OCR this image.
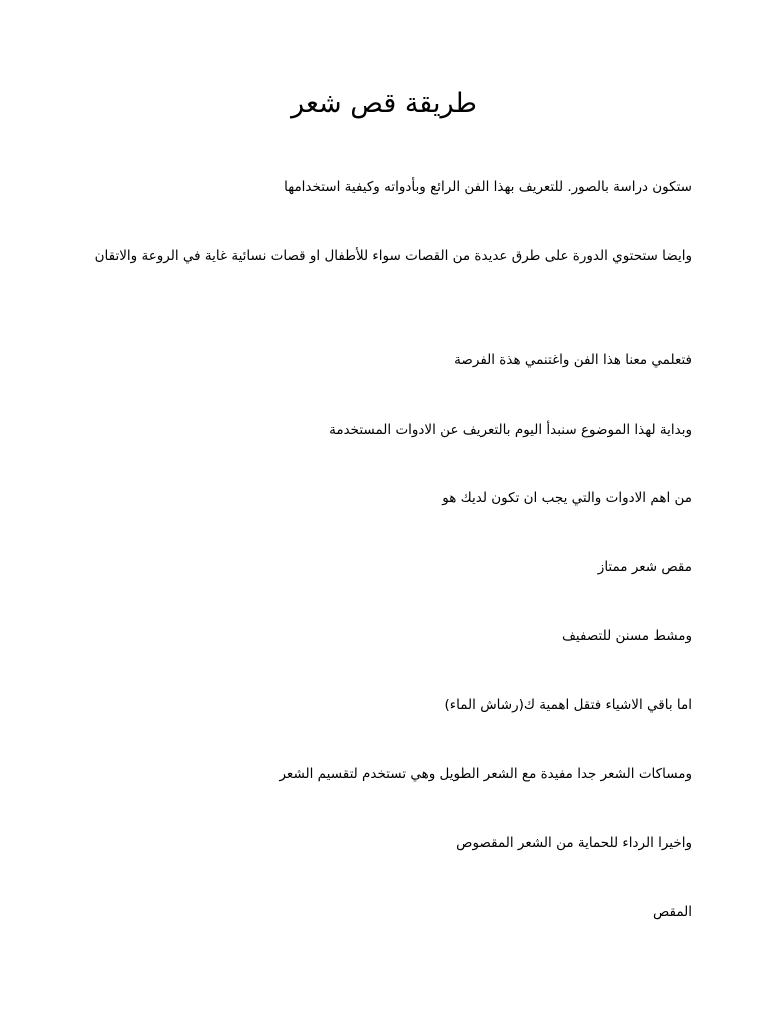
طريقة قص شعر

ستكون دراسة بالصور. للتعريف بهذا الفن الرائع وبأدواته وكيفية استخدامها

وايضا ستحتوي الدورة على طرق عديدة من القصات سواء للأطفال او قصات نسائية غاية في الروعة والاتقان

فتعلمي معنا هذا الفن واغتنمي هذة الفرصة

وبداية لهذا الموضوع سنبدأ اليوم بالتعريف عن الادوات المستخدمة

من اهم الادوات والتي يجب ان تكون لديك هو

مقص شعر ممتاز

ومشط مسنن للتصفيف

اما باقي الاشياء فتقل اهمية ك(رشاش الماء)

ومساكات الشعر جدا مفيدة مع الشعر الطويل وهي تستخدم لتقسيم الشعر

واخيرا الرداء للحماية من الشعر المقصوص

المقص
